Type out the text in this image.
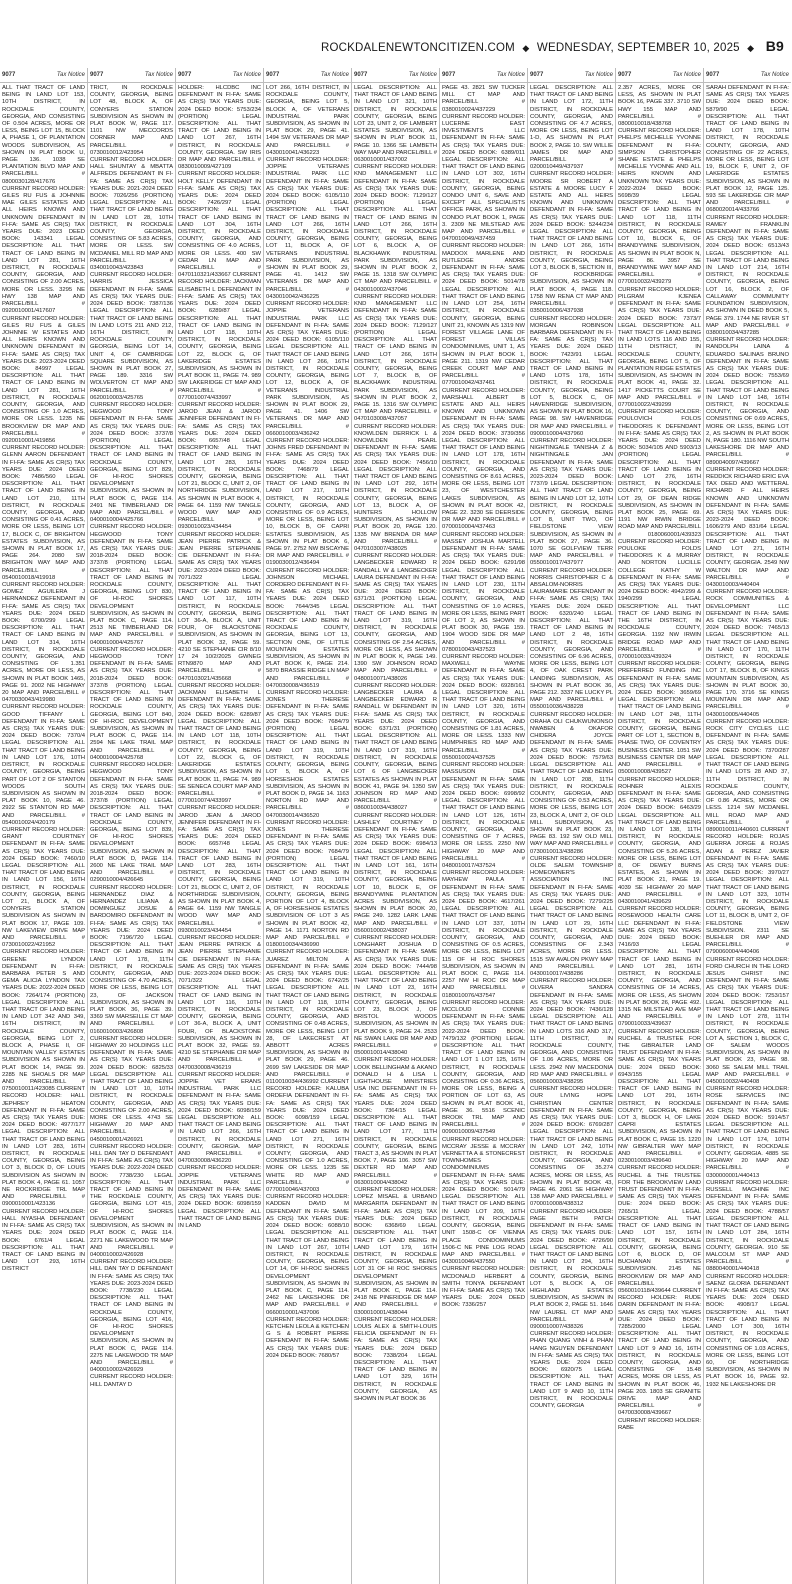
ROCKDALENEWTONCITIZEN.COM ◆ WEDNESDAY, SEPTEMBER 10, 2025 ◆ B9
9077	Tax Notice
ALL THAT TRACT OF LAND BEING IN LAND LOT 153, 10TH DISTRICT, IN ROCKDALE COUNTY, GEORGIA, AND CONSISTING OF 0.504 ACRES, MORE OR LESS, BEING LOT 15, BLOCK A, PHASE 1, OF PLANTATION WOODS SUBDIVISION, AS SHOWN IN PLAT BOOK U, PAGE 136. 1038 SE PLANTATION BLVD MAP AND PARCEL/BILL # 0800030128/417676 CURRENT RECORD HOLDER: GILES RU FUS & JOHNNIE MAE GILES ESTATES AND ALL HEIRS KNOWN AND UNKNOWN DEFENDANT IN FI-FA: SAME AS CR(S) TAX YEARS DUE: 2023 DEED BOOK: 143341 LEGAL DESCRIPTION: ALL THAT TRACT OF LAND BEING IN LAND LOT 281, 16TH DISTRICT, IN ROCKDALE COUNTY, GEORGIA, AND CONSISTING OF 2.00 ACRES, MORE OR LESS. 3295 NE HWY 138 MAP AND PARCEL/BILL # 0920010001/417607 CURRENT RECORD HOLDER: GILES RU FUS & GILES JOHNNIE W ESTATES AND ALL HEIRS KNOWN AND UNKNOWN DEFENDANT IN FI-FA: SAME AS CR(S) TAX YEARS DUE: 2023-2024 DEED BOOK: 84997 LEGAL DESCRIPTION: ALL THAT TRACT OF LAND BEING IN LAND LOT 281, 16TH DISTRICT, IN ROCKDALE COUNTY, GEORGIA, AND CONSISTING OF 1.0 ACRES, MORE OR LESS. 1235 NE BROOKVIEW DR MAP AND PARCEL/BILL # 0920010001/419856 CURRENT RECORD HOLDER: GLENN AARON DEFENDANT IN FI-FA: SAME AS CR(S) TAX YEARS DUE: 2024 DEED BOOK: 7486/560 LEGAL DESCRIPTION: ALL THAT TRACT OF LAND BEING IN LAND LOT 210, 11TH DISTRICT, IN ROCKDALE COUNTY, GEORGIA, AND CONSISTING OF 0.41 ACRES, MORE OR LESS, BEING LOT 17, BLOCK C, OF BRIGHTON ESTATES SUBDIVISION, AS SHOWN IN PLAT BOOK 17, PAGE 264. 2080 SW BRIGHTON WAY MAP AND PARCEL/BILL # 0540010018/419918 CURRENT RECORD HOLDER: GOMEZ AGUILERA J HERNANDEZ DEFENDANT IN FI-FA: SAME AS CR(S) TAX YEARS DUE: 2024 DEED BOOK: 6700/299 LEGAL DESCRIPTION: ALL THAT TRACT OF LAND BEING IN LAND LOT 314, 16TH DISTRICT, IN ROCKDALE COUNTY, GEORGIA, AND CONSISTING OF 1.351 ACRES, MORE OR LESS, AS SHOWN IN PLAT BOOK 1465, PAGE 91. 2002 NE HIGHWAY 20 MAP AND PARCEL/BILL # 0470030043/419980 CURRENT RECORD HOLDER: GOOD TIFFANY L DEFENDANT IN FI-FA: SAME AS CR(S) TAX YEARS DUE: 2024 DEED BOOK: 7370/4 LEGAL DESCRIPTION: ALL THAT TRACT OF LAND BEING IN LAND LOT 176, 10TH DISTRICT, IN ROCKDALE COUNTY, GEORGIA, BEING PART OF LOT 2 OF STANTON WOODS SOUTH SUBDIVISION AS SHOWN IN PLAT BOOK 10, PAGE 46. 2922 SE STANTON RD MAP AND PARCEL/BILL # 0540010024/420179 CURRENT RECORD HOLDER: GRANT COURTNEY DEFENDANT IN FI-FA: SAME AS CR(S) TAX YEARS DUE: 2024 DEED BOOK: 7460/10 LEGAL DESCRIPTION: ALL THAT TRACT OF LAND BEING IN LAND LOT 156, 16TH DISTRICT, IN ROCKDALE COUNTY, GEORGIA, BEING LOT 21, BLOCK A, OF CONYERS STATION SUBDIVISION AS SHOWN IN PLAT BOOK 17, PAGE 109. NW LAKEVIEW DRIVE MAP AND PARCEL/BILL # 0730010022/421952 CURRENT RECORD HOLDER: GREENE LYNDON DEFENDANT IN FI-FA: BARBARA PETER S AND GEMA ALICIA LYNDON TAX YEARS DUE: 2022-2024 DEED BOOK: 7264/174 (PORTION) LEGAL DESCRIPTION: ALL THAT TRACT OF LAND BEING IN LAND LOT 342 AND 349, 16TH DISTRICT, IN ROCKDALE COUNTY, GEORGIA, BEING LOT 2, BLOCK A, PHASE II, OF MOUNTAIN VALLEY ESTATES SUBDIVISION AS SHOWN IN PLAT BOOK 14, PAGE 99. 2285 NE SHOALS DR MAP AND PARCEL/BILL # 0750010011/423085 CURRENT RECORD HOLDER: HALL JEPHREY HEATON DEFENDANT IN FI-FA: SAME AS CR(S) TAX YEARS DUE: 2024 DEED BOOK: 4977/177 LEGAL DESCRIPTION: ALL THAT TRACT OF LAND BEING IN LAND LOT 283, 16TH DISTRICT, IN ROCKDALE COUNTY, GEORGIA, BEING LOT 3, BLOCK D, OF LOUIS SUBDIVISION AS SHOWN IN PLAT BOOK 4, PAGE 61. 1057 NE ROCKRIDGE TRL MAP AND PARCEL/BILL # 0900010001/423136 CURRENT RECORD HOLDER: HALL NYASHA DEFENDANT IN FI-FA: SAME AS CR(S) TAX YEARS DUE: 2024 DEED BOOK: 6761/4 LEGAL DESCRIPTION: ALL THAT TRACT OF LAND BEING IN LAND LOT 293, 16TH DISTRICT
9077	Tax Notice
TRICT, IN ROCKDALE COUNTY, GEORGIA, BEING LOT 48, BLOCK A, OF CONYERS STATION SUBDIVISION AS SHOWN IN PLAT BOOK W, PAGE 117. 1101 NW MECCORDS CORNER MAP AND PARCEL/BILL # 0730010012/423954 CURRENT RECORD HOLDER: HALL SHUNTAY & MBATTA ALFREDS DEFENDANT IN FI-FA: SAME AS CR(S) TAX YEARS DUE: 2021-2024 DEED BOOK: 7026/256 (PORTION) LEGAL DESCRIPTION: ALL THAT TRACT OF LAND BEING IN LAND LOT 28, 10TH DISTRICT, IN ROCKDALE COUNTY, GEORGIA, CONSISTING OF 5.83 ACRES, MORE OR LESS. SW MCDANIEL MILL RD MAP AND PARCEL/BILL # 0340010043/423843 CURRENT RECORD HOLDER: HARRIS JESSICA DEFENDANT IN FI-FA: SAME AS CR(S) TAX YEARS DUE: 2024 DEED BOOK: 7387/136 LEGAL DESCRIPTION: ALL THAT TRACT OF LAND BEING IN LAND LOTS 211 AND 212, 16TH DISTRICT, IN ROCKDALE COUNTY, GEORGIA, BEING LOT 14, UNIT 4, OF CAMBRIDGE SQUARE SUBDIVISION, AS SHOWN IN PLAT BOOK 27, PAGE 189. 3316 SW WOLVERTON CT MAP AND PARCEL/BILL # 0620010003/425765 CURRENT RECORD HOLDER: HEGWOOD TONY DEFENDANT IN FI-FA: SAME AS CR(S) TAX YEARS DUE: 2024 DEED BOOK: 3737/8 (PORTION) LEGAL DESCRIPTION: ALL THAT TRACT OF LAND BEING IN ROCKDALE COUNTY, GEORGIA, BEING LOT 829, OF HI-ROC SHORES DEVELOPMENT SUBDIVISION, AS SHOWN IN PLAT BOOK C, PAGE 114. 2491 NE TIMBERLAND DR MAP AND PARCEL/BILL # 0400010004/425766 CURRENT RECORD HOLDER: HEGWOOD TONY DEFENDANT IN FI-FA: SAME AS CR(S) TAX YEARS DUE: 2018-2024 DEED BOOK: 3737/8 (PORTION) LEGAL DESCRIPTION: ALL THAT TRACT OF LAND BEING IN ROCKDALE COUNTY, GEORGIA, BEING LOT 830, OF HI-ROC SHORES DEVELOPMENT SUBDIVISION, AS SHOWN IN PLAT BOOK C, PAGE 114. 2513 NE TIMBERLAND DR MAP AND PARCEL/BILL # 0400010004/425767 CURRENT RECORD HOLDER: HEGWOOD TONY DEFENDANT IN FI-FA: SAME AS CR(S) TAX YEARS DUE: 2018-2024 DEED BOOK: 3737/8 (PORTION) LEGAL DESCRIPTION: ALL THAT TRACT OF LAND BEING IN ROCKDALE COUNTY, GEORGIA, BEING LOT 840, OF HI-ROC DEVELOPMENT SUBDIVISION, AS SHOWN IN PLAT BOOK C, PAGE 114. 2594 NE LAKE TRAIL MAP AND PARCEL/BILL # 0400010004/425768 CURRENT RECORD HOLDER: HEGWOOD TONY DEFENDANT IN FI-FA: SAME AS CR(S) TAX YEARS DUE: 2018-2024 DEED BOOK: 3737/8 (PORTION) LEGAL DESCRIPTION: ALL THAT TRACT OF LAND BEING IN ROCKDALE COUNTY, GEORGIA, BEING LOT 839, OF HI-ROC SHORES DEVELOPMENT SUBDIVISION, AS SHOWN IN PLAT BOOK D, PAGE 114. 2600 NE LAKE TRAIL MAP AND PARCEL/BILL # 0290010004/426645 CURRENT RECORD HOLDER: HERNANDEZ DIAZ & HERNANDEZ LILIANA & DOMINGUEZ JOSUE & BARDOMIRO DEFENDANT IN FI-FA: SAME AS CR(S) TAX YEARS DUE: 2024 DEED BOOK: 7196/720 LEGAL DESCRIPTION: ALL THAT TRACT OF LAND BEING IN LAND LOT 178, 11TH DISTRICT, IN ROCKDALE COUNTY, GEORGIA, AND CONSISTING OF 4.70 ACRES, MORE OR LESS, BEING LOT 23, OF JACKSON SUBDIVISION, AS SHOWN IN PLAT BOOK 36, PAGE 39. 3369 SW MARSEILLE CT MAP AND PARCEL/BILL # 0160010003/426808 CURRENT RECORD HOLDER: HIGHWAY 20 HOLDINGS LLC DEFENDANT IN FI-FA: SAME AS CR(S) TAX YEARS DUE: 2024 DEED BOOK: 6825/33 LEGAL DESCRIPTION: ALL THAT TRACT OF LAND BEING IN LAND LOT 10, 10TH DISTRICT, IN ROCKDALE COUNTY, GEORGIA, AND CONSISTING OF 2.00 ACRES, MORE OR LESS. 4743 SE HIGHWAY 20 MAP AND PARCEL/BILL # 0450010001/426921 CURRENT RECORD HOLDER: HILL DAN TAY D DEFENDANT IN FI-FA: SAME AS CR(S) TAX YEARS DUE: 2022-2024 DEED BOOK: 7738/230 LEGAL DESCRIPTION: ALL THAT TRACT OF LAND BEING IN THE ROCKDALE COUNTY, GEORGIA, BEING LOT 415, OF HI-ROC SHORES DEVELOPMENT SUBDIVISION, AS SHOWN IN PLAT BOOK C, PAGE 114. 2271 NE LAKEWOOD TR MAP AND PARCEL/BILL # 0400010002/426928 CURRENT RECORD HOLDER: HILL DAN TAY D DEFENDANT IN FI-FA: SAME AS CR(S) TAX YEARS DUE: 2023-2024 DEED BOOK: 7738/230 LEGAL DESCRIPTION: ALL THAT TRACT OF LAND BEING IN ROCKDALE COUNTY, GEORGIA, BEING LOT 416, OF HI-ROC SHORES DEVELOPMENT SUBDIVISION, AS SHOWN IN PLAT BOOK C, PAGE 114. 2275 NE LAKEWOOD TR MAP AND PARCEL/BILL # 0400010002/426929 CURRENT RECORD HOLDER: HILL DANTAY D
9077	Tax Notice
HOLDER: HLCDBC INC DEFENDANT IN FI-FA: SAME AS CR(S) TAX YEARS DUE: 2024 DEED BOOK: 5753/234 (PORTION) LEGAL DESCRIPTION: ALL THAT TRACT OF LAND BEING IN LAND LOT 267, 16TH DISTRICT, IN ROCKDALE COUNTY, GEORGIA. SW IRIS DR MAP AND PARCEL/BILL # 0830010009/427109 CURRENT RECORD HOLDER: HOLT KELLY DEFENDANT IN FI-FA: SAME AS CR(S) TAX YEARS DUE: 2024 DEED BOOK: 7426/297 LEGAL DESCRIPTION: ALL THAT TRACT OF LAND BEING IN LAND LOT 304, 16TH DISTRICT, IN ROCKDALE COUNTY, GEORGIA, AND CONSISTING OF 4.0 ACRES, MORE OR LESS. 400 SW CEDAR LN MAP AND PARCEL/BILL # 0470110321/433667 CURRENT RECORD HOLDER: JACKMAN ELISABETH L DEFENDANT IN FI-FA: SAME AS CR(S) TAX YEARS DUE: 2024 DEED BOOK: 6289/87 LEGAL DESCRIPTION: ALL THAT TRACT OF LAND BEING IN LAND LOT 118, 10TH DISTRICT, IN ROCKDALE COUNTY, GEORGIA, BEING LOT 22, BLOCK G, OF LAKERIDGE ESTATES SUBDIVISION, AS SHOWN IN PLAT BOOK 11, PAGE 74. 989 SW LAKERIDGE CT MAP AND PARCEL/BILL # 0770010074/433997 CURRENT RECORD HOLDER: JAROD JEAN & JAROD JENNIFER DEFENDANT IN FI-FA: SAME AS CR(S) TAX YEARS DUE: 2024 DEED BOOK: 6657/48 LEGAL DESCRIPTION: ALL THAT TRACT OF LAND BEING IN LAND LOT 283, 16TH DISTRICT, IN ROCKDALE COUNTY, GEORGIA, BEING LOT 21, BLOCK C, UNIT 2, OF NORTHRIDGE SUBDIVISION, AS SHOWN IN PLAT BOOK 4, PAGE 64. 1159 NW TANGLE WOOD WAY MAP AND PARCEL/BILL # 0930010023/434454 CURRENT RECORD HOLDER: JEAN PIERRE PATRICK & JEAN PIERRE STEPHANIE CIE DEFENDANT IN FI-FA: SAME AS CR(S) TAX YEARS DUE: 2023-2024 DEED BOOK: 7071/322 LEGAL DESCRIPTION: ALL THAT TRACT OF LAND BEING IN LAND LOT 117, 10TH DISTRICT, IN ROCKDALE COUNTY, GEORGIA, BEING LOT 36-A, BLOCK A, UNIT FOUR, OF BLACKSTONE SUBDIVISION, AS SHOWN IN PLAT BOOK 32, PAGE 59. 4210 SE STEPHANIE CIR 8/10 17 24 10/2/2025 GWNEG RTN9870 MAP AND PARCEL/BILL # 0470103021/435668 CURRENT RECORD HOLDER: JACKMAN ELISABETH L DEFENDANT IN FI-FA: SAME AS CR(S) TAX YEARS DUE: 2024 DEED BOOK: 6289/87 LEGAL DESCRIPTION: ALL THAT TRACT OF LAND BEING IN LAND LOT 118, 10TH DISTRICT, IN ROCKDALE COUNTY, GEORGIA, BEING LOT 22, BLOCK G, OF LAKERIDGE ESTATES SUBDIVISION, AS SHOWN IN PLAT BOOK 11, PAGE 74. 989 SE SENECA COURT MAP AND PARCEL/BILL # 0770010074/433997 CURRENT RECORD HOLDER: JAROD JEAN & JAROD JENNIFER DEFENDANT IN FI-FA: SAME AS CR(S) TAX YEARS DUE: 2024 DEED BOOK: 6657/48 LEGAL DESCRIPTION: ALL THAT TRACT OF LAND BEING IN LAND LOT 283, 16TH DISTRICT, IN ROCKDALE COUNTY, GEORGIA, BEING LOT 21, BLOCK C, UNIT 2, OF NORTHRIDGE SUBDIVISION, AS SHOWN IN PLAT BOOK 4, PAGE 64. 1159 NW TANGLE WOOD WAY MAP AND PARCEL/BILL # 0930010023/434454 CURRENT RECORD HOLDER: JEAN PIERRE PATRICK & JEAN PIERRE STEPHANIE CIE DEFENDANT IN FI-FA: SAME AS CR(S) TAX YEARS DUE: 2023-2024 DEED BOOK: 7071/322 LEGAL DESCRIPTION: ALL THAT TRACT OF LAND BEING IN LAND LOT 116, 10TH DISTRICT, IN ROCKDALE COUNTY, GEORGIA, BEING LOT 36-A, BLOCK A, UNIT FOUR, OF BLACKSTONE SUBDIVISION, AS SHOWN IN PLAT BOOK 32, PAGE 59. 4210 SE STEPHANIE CIR MAP AND PARCEL/BILL # 0470030008/436219 CURRENT RECORD HOLDER: JOPPIE VET ERANS INDUSTRIAL PARK LLC DEFENDANT IN FI-FA: SAME AS CR(S) TAX YEARS DUE: 2024 DEED BOOK: 6098/159 LEGAL DESCRIPTION: ALL THAT TRACT OF LAND BEING IN LAND LOT 266, 16TH DISTRICT, IN ROCKDALE COUNTY, GEORGIA. MAP AND PARCEL/BILL # 0470030008/436220 CURRENT RECORD HOLDER: JOPPIE VETERANS INDUSTRIAL PARK LLC DEFENDANT IN FI-FA: SAME AS CR(S) TAX YEARS DUE: 2024 DEED BOOK: 6098/159 LEGAL DESCRIPTION: ALL THAT TRACT OF LAND BEING IN LAND
9077	Tax Notice
LOT 266, 16TH DISTRICT, IN ROCKDALE COUNTY, GEORGIA, BEING LOT 5, BLOCK A, OF VETERANS INDUSTRIAL PARK SUBDIVISION, AS SHOWN IN PLAT BOOK 29, PAGE 41. 1494 SW VETERANS DR MAP AND PARCEL/BILL # 0430010041/436223 CURRENT RECORD HOLDER: JOPPIE VETERANS INDUSTRIAL PARK LLC DEFENDANT IN FI-FA: SAME AS CR(S) TAX YEARS DUE: 2024 DEED BOOK: 6105/110 (PORTION) LEGAL DESCRIPTION: ALL THAT TRACT OF LAND BEING IN LAND LOT 266, 16TH DISTRICT, IN ROCKDALE COUNTY, GEORGIA, BEING LOT 11, BLOCK A, OF VETERANS INDUSTRIAL PARK SUBDIVISION, AS SHOWN IN PLAT BOOK 29, PAGE 41. 1412 SW VETERANS DR MAP AND PARCEL/BILL # 0430010042/436225 CURRENT RECORD HOLDER: JOPPIE VETERANS INDUSTRIAL PARK LLC DEFENDANT IN FI-FA: SAME AS CR(S) TAX YEARS DUE: 2024 DEED BOOK: 6105/110 LEGAL DESCRIPTION: ALL THAT TRACT OF LAND BEING IN LAND LOT 266, 16TH DISTRICT, IN ROCKDALE COUNTY, GEORGIA, BEING LOT 12, BLOCK A, OF VETERANS INDUSTRIAL PARK SUBDIVISION, AS SHOWN IN PLAT BOOK 29, PAGE 41. 1406 SW VETERANS DR MAP AND PARCEL/BILL # 0660010003/436242 CURRENT RECORD HOLDER: JOHNS FRED DEFENDANT IN FI-FA: SAME AS CR(S) TAX YEARS DUE: 2024 DEED BOOK: 7468/79 LEGAL DESCRIPTION: ALL THAT TRACT OF LAND BEING IN LAND LOT 217, 10TH DISTRICT, IN ROCKDALE COUNTY, GEORGIA, AND CONSISTING OF 0.9 ACRES, MORE OR LESS, BEING LOT 10, BLOCK B, OF CAPRI ESTATES SUBDIVISION, AS SHOWN IN PLAT BOOK 6, PAGE 97. 2752 NW BISCAYNE DR MAP AND PARCEL/BILL # 0190030012/436494 CURRENT RECORD HOLDER: JOHNSON MICHAEL CORDERO DEFENDANT IN FI-FA: SAME AS CR(S) TAX YEARS DUE: 2024 DEED BOOK: 7644/345 LEGAL DESCRIPTION: ALL THAT TRACT OF LAND BEING IN ROCKDALE COUNTY, GEORGIA, BEING LOT 13, SECTION ONE, OF LITTLE MOUNTAIN ESTATES SUBDIVISION, AS SHOWN IN PLAT BOOK K, PAGE 214. 5870 BRASSIE RIDGE LN MAP AND PARCEL/BILL # 0470030008/436519 CURRENT RECORD HOLDER: JONES THERESE DEFENDANT IN FI-FA: SAME AS CR(S) TAX YEARS DUE: 2024 DEED BOOK: 7684/79 (PORTION) LEGAL DESCRIPTION: ALL THAT TRACT OF LAND BEING IN LAND LOT 319, 10TH DISTRICT, IN ROCKDALE COUNTY, GEORGIA, BEING LOT 5, BLOCK A, OF HORSESHOE ESTATES SUBDIVISION, AS SHOWN IN PLAT BOOK D, PAGE 14. 1163 NORTON RD MAP AND PARCEL/BILL # 0470030014/436520 CURRENT RECORD HOLDER: JONES THERESE DEFENDANT IN FI-FA: SAME AS CR(S) TAX YEARS DUE: 2024 DEED BOOK: 7684/79 (PORTION) LEGAL DESCRIPTION: ALL THAT TRACT OF LAND BEING IN LAND LOT 319, 10TH DISTRICT, IN ROCKDALE COUNTY, GEORGIA, BEING PORTION OF LOT 4, BLOCK A, OF HORSESHOE ESTATES SUBDIVISION OF LOT 3 AS SHOWN IN PLAT BOOK 42, PAGE 14. 1171 NORTON RD MAP AND PARCEL/BILL # 0180010034/436990 CURRENT RECORD HOLDER: JUAREZ MILTON A DEFENDANT IN FI-FA: SAME AS CR(S) TAX YEARS DUE: 2024 DEED BOOK: 6742/25 LEGAL DESCRIPTION: ALL THAT TRACT OF LAND BEING IN LAND LOT 118, 10TH DISTRICT, IN ROCKDALE COUNTY, GEORGIA, AND CONSISTING OF 0.48 ACRES, MORE OR LESS, BEING LOT 28, OF LAKECREST AT ABBOTT ACRES SUBDIVISION, AS SHOWN IN PLAT BOOK 29, PAGE 46. 2699 SW LAKESIDE DR MAP AND PARCEL/BILL # 0110010034/436992 CURRENT RECORD HOLDER: KALUBA ORDEFIA DEFENDANT IN FI-FA: SAME AS CR(S) TAX YEARS DUE: 2024 DEED BOOK: 6098/159 LEGAL DESCRIPTION: ALL THAT TRACT OF LAND BEING IN LAND LOT 271, 16TH DISTRICT, IN ROCKDALE COUNTY, GEORGIA, AND CONSISTING OF 1.0 ACRES, MORE OR LESS. 1235 SE WHITE RD MAP AND PARCEL/BILL # 0770010046/437003 CURRENT RECORD HOLDER: KADDEN DAVID M DEFENDANT IN FI-FA: SAME AS CR(S) TAX YEARS DUE: 2024 DEED BOOK: 6088/10 LEGAL DESCRIPTION: ALL THAT TRACT OF LAND BEING IN LAND LOT 267, 10TH DISTRICT, IN ROCKDALE COUNTY, GEORGIA, BEING LOT 14, OF HI-ROC SHORES DEVELOPMENT SUBDIVISION, AS SHOWN IN PLAT BOOK C, PAGE 114. 2462 NE LAKESHORE DR MAP AND PARCEL/BILL # 0660010001/437006 CURRENT RECORD HOLDER: KETCHEN LEOLA & KETCHEN G S & ROBERT PIERRE DEFENDANT IN FI-FA: SAME AS CR(S) TAX YEARS DUE: 2024 DEED BOOK: 7680/57
9077	Tax Notice
LEGAL DESCRIPTION: ALL THAT TRACT OF LAND BEING IN LAND LOT 321, 10TH DISTRICT, IN ROCKDALE COUNTY, GEORGIA, BEING LOT 23, UNIT 2, OF LAMBERT ESTATES SUBDIVISION, AS SHOWN IN PLAT BOOK 11, PAGE 10. 1366 SE LAMBETH WAY MAP AND PARCEL/BILL # 0630010001/437002 CURRENT RECORD HOLDER: KND MANAGEMENT LLC DEFENDANT IN FI-FA: SAME AS CR(S) TAX YEARS DUE: 2024 DEED BOOK: 7129/127 (PORTION) LEGAL DESCRIPTION: ALL THAT TRACT OF LAND BEING IN LAND LOT 266, 16TH DISTRICT, IN ROCKDALE COUNTY, GEORGIA, BEING LOT 6, BLOCK A, OF BLACKHAWK INDUSTRIAL PARK SUBDIVISION, AS SHOWN IN PLAT BOOK 2, PAGE 15. 1318 SW OLYMPIC CT MAP AND PARCEL/BILL # 0430010002/437046 CURRENT RECORD HOLDER: KND MANAGEMENT LLC DEFENDANT IN FI-FA: SAME AS CR(S) TAX YEARS DUE: 2024 DEED BOOK: 7129/127 (PORTION) LEGAL DESCRIPTION: ALL THAT TRACT OF LAND BEING IN LAND LOT 266, 16TH DISTRICT, IN ROCKDALE COUNTY, GEORGIA, BEING LOT 7, BLOCK B, OF BLACKHAWK INDUSTRIAL PARK SUBDIVISION, AS SHOWN IN PLAT BOOK 2, PAGE 15. 1316 SW OLYMPIC CT MAP AND PARCEL/BILL # 0470103008/437057 CURRENT RECORD HOLDER: KNOWLDEN DERRICK L & KNOWLDEN PEARL DEFENDANT IN FI-FA: SAME AS CR(S) TAX YEARS DUE: 2024 DEED BOOK: 7456/10 LEGAL DESCRIPTION: ALL THAT TRACT OF LAND BEING IN LAND LOT 292, 16TH DISTRICT, IN ROCKDALE COUNTY, GEORGIA, BEING LOT 13, BLOCK A, OF HUNTERS HOLLOW SUBDIVISION, AS SHOWN IN PLAT BOOK 20, PAGE 120. 1335 NW BRENDA DR MAP AND PARCEL/BILL # 0470103007/438025 CURRENT RECORD HOLDER: LANGBECKER EDWARD R RANDALL W & LANGBECKER LAURA DEFENDANT IN FI-FA: SAME AS CR(S) TAX YEARS DUE: 2024 DEED BOOK: 6371/31 (PORTION) LEGAL DESCRIPTION: ALL THAT TRACT OF LAND BEING IN LAND LOT 319, 16TH DISTRICT, IN ROCKDALE COUNTY, GEORGIA, AND CONSISTING OF 2.54 ACRES, MORE OR LESS, AS SHOWN IN PLAT BOOK K, PAGE 149. 1390 SW JOHNSON ROAD MAP AND PARCEL/BILL # 0480010071/438026 CURRENT RECORD HOLDER: LANGBECKER LAURA & LANGBECKER EDWARD R RANDALL W DEFENDANT IN FI-FA: SAME AS CR(S) TAX YEARS DUE: 2024 DEED BOOK: 6371/31 (PORTION) LEGAL DESCRIPTION: ALL THAT TRACT OF LAND BEING IN LAND LOT 319, 16TH DISTRICT, IN ROCKDALE COUNTY, GEORGIA, BEING LOT 6 OF LANGBECKER ESTATES AS SHOWN IN PLAT BOOK 41, PAGE 94. 1350 SW JOHNSON RD MAP AND PARCEL/BILL # 0860010034/438027 CURRENT RECORD HOLDER: LASHLEY COURTNEY D DEFENDANT IN FI-FA: SAME AS CR(S) TAX YEARS DUE: 2024 DEED BOOK: 6984/13 LEGAL DESCRIPTION: ALL THAT TRACT OF LAND BEING IN LAND LOT 161, 16TH DISTRICT, IN ROCKDALE COUNTY, GEORGIA, BEING LOT 10, BLOCK E, OF BRANDYWINE PLANTATION ACRES SUBDIVISION, AS SHOWN IN PLAT BOOK 20, PAGE 249. 1282 LARK LANE MAP AND PARCEL/BILL # 0560010002/438037 CURRENT RECORD HOLDER: LONGHART JOSHUA D DEFENDANT IN FI-FA: SAME AS CR(S) TAX YEARS DUE: 2024 DEED BOOK: 7444/98 LEGAL DESCRIPTION: ALL THAT TRACT OF LAND BEING IN LAND LOT 23, 16TH DISTRICT, IN ROCKDALE COUNTY, GEORGIA, BEING LOT 23, BLOCK J, OF BRISTOL WOODS SUBDIVISION, AS SHOWN IN PLAT BOOK 9, PAGE 24. 2533 NE SWAN LAKE DR MAP AND PARCEL/BILL # 0500010014/438040 CURRENT RECORD HOLDER: LOOK BELLINGHAM & AKANO DONALD H & LISA L LIGHTHOUSE MINISTRIES USA INC DEFENDANT IN FI-FA: SAME AS CR(S) TAX YEARS DUE: 2024 DEED BOOK: 7364/15 LEGAL DESCRIPTION: ALL THAT TRACT OF LAND BEING IN LAND LOT 177, 11TH DISTRICT, IN ROCKDALE COUNTY, GEORGIA, BEING TRACT 3, AS SHOWN IN PLAT BOOK 7, PAGE 106. 3057 SW DEXTER RD MAP AND PARCEL/BILL # 0630010004/438042 CURRENT RECORD HOLDER: LOPEZ MISAEL & URBANO MARGARITA DEFENDANT IN FI-FA: SAME AS CR(S) TAX YEARS DUE: 2024 DEED BOOK: 6368/69 LEGAL DESCRIPTION: ALL THAT TRACT OF LAND BEING IN LAND LOT 179, 16TH DISTRICT, IN ROCKDALE COUNTY, GEORGIA, BEING LOT 31 OF HI ROC SHORES DEVELOPMENT SUBDIVISION, AS SHOWN IN PLAT BOOK C, PAGE 114. 2418 NE PINERIDGE DR MAP AND PARCEL/BILL # 0300010001/438044 CURRENT RECORD HOLDER: LOUIS ALEX & SMITH-LOUIS FELICIA DEFENDANT IN FI-FA: SAME AS CR(S) TAX YEARS DUE: 2024 DEED BOOK: 7338/204 LEGAL DESCRIPTION: ALL THAT TRACT OF LAND BEING IN LAND LOT 329, 16TH DISTRICT, IN ROCKDALE COUNTY, GEORGIA, AS SHOWN IN PLAT BOOK 36
9077	Tax Notice
PAGE 43. 2821 SW TUCKER MILL CT MAP AND PARCEL/BILL # 0380010024/437229 CURRENT RECORD HOLDER: LUCERNE EAST INVESTMENTS LLC DEFENDANT IN FI-FA: SAME AS CR(S) TAX YEARS DUE: 2024 DEED BOOK: 6389/011 LEGAL DESCRIPTION: ALL THAT TRACT OF LAND BEING IN LAND LOT 302, 16TH DISTRICT, IN ROCKDALE COUNTY, GEORGIA, BEING CONDO UNIT 6, SAVE AND EXCEPT ALL SPECIALISTS OFFICE PARK, AS SHOWN IN CONDO PLAT BOOK 1, PAGE 3. 2309 NE MILSTEAD AVE MAP AND PARCEL/BILL # 0470010049/437459 CURRENT RECORD HOLDER: MADDOX MARLENE AND RUTLEDGE ANDRE DEFENDANT IN FI-FA: SAME AS CR(S) TAX YEARS DUE: 2024 DEED BOOK: 5014/78 LEGAL DESCRIPTION: ALL THAT TRACT OF LAND BEING IN LAND LOT 254, 16TH DISTRICT, IN ROCKDALE COUNTY, GEORGIA, BEING UNIT 21, KNOWN AS 1319 NW FOREST VILLAGE LANE OF FOREST VILLAS CONDOMINIUMS, UNIT 1, AS SHOWN IN PLAT BOOK 1, PAGE 211. 1319 NW CEDAR CREEK COURT MAP AND PARCEL/BILL # 0770010042/437461 CURRENT RECORD HOLDER: MARSHALL ALBERT B ESTATE AND ALL HEIRS KNOWN AND UNKNOWN DEFENDANT IN FI-FA: SAME AS CR(S) TAX YEARS DUE: 2024 DEED BOOK: 3739/356 LEGAL DESCRIPTION: ALL THAT TRACT OF LAND BEING IN LAND LOT 178, 16TH DISTRICT, IN ROCKDALE COUNTY, GEORGIA, AND CONSISTING OF 8.61 ACRES, MORE OR LESS, BEING LOT 23, OF WESTCHESTER LAKES SUBDIVISION, AS SHOWN IN PLAT BOOK 42, PAGE 22. 3230 SE DEERSIDE DR MAP AND PARCEL/BILL # 0700010004/437463 CURRENT RECORD HOLDER: MASSEY JOSHUA MARTELL DEFENDANT IN FI-FA: SAME AS CR(S) TAX YEARS DUE: 2024 DEED BOOK: 6291/98 LEGAL DESCRIPTION: ALL THAT TRACT OF LAND BEING IN LAND LOT 230, 11TH DISTRICT, IN ROCKDALE COUNTY, GEORGIA, AND CONSISTING OF 1.0 ACRES, MORE OR LESS, BEING PART OF LOT 2, AS SHOWN IN PLAT BOOK 30, PAGE 159. 1904 WOOD SIDE DR MAP AND PARCEL/BILL # 0780010043/437523 CURRENT RECORD HOLDER: MAXWELL WAYNE DEFENDANT IN FI-FA: SAME AS CR(S) TAX YEARS DUE: 2024 DEED BOOK: 6928/161 LEGAL DESCRIPTION: ALL THAT TRACT OF LAND BEING IN LAND LOT 320, 16TH DISTRICT, IN ROCKDALE COUNTY, GEORGIA, AND CONSISTING OF 1.81 ACRES, MORE OR LESS. 1333 NW HUMPHRIES RD MAP AND PARCEL/BILL # 0550010024/437525 CURRENT RECORD HOLDER: MASSUSON DEA DEFENDANT IN FI-FA: SAME AS CR(S) TAX YEARS DUE: 2024 DEED BOOK: 6998/92 LEGAL DESCRIPTION: ALL THAT TRACT OF LAND BEING IN LAND LOT 126, 16TH DISTRICT, IN ROCKDALE COUNTY, GEORGIA, AND CONSISTING OF 7 ACRES, MORE OR LESS. 2250 NW HIGHWAY 20 MAP AND PARCEL/BILL # 0480010017/437524 CURRENT RECORD HOLDER: MAYHEW PAULA T DEFENDANT IN FI-FA: SAME AS CR(S) TAX YEARS DUE: 2024 DEED BOOK: 4617/261 LEGAL DESCRIPTION: ALL THAT TRACT OF LAND BEING IN LAND LOT 337, 10TH DISTRICT, IN ROCKDALE COUNTY, GEORGIA, AND CONSISTING OF 0.5 ACRES, MORE OR LESS, BEING LOT 115 OF HI ROC SHORES SUBDIVISION, AS SHOWN IN PLAT BOOK C, PAGE 114. 2257 NW HI ROC DR MAP AND PARCEL/BILL # 0180010076/437547 CURRENT RECORD HOLDER: MCCLOUD CONNIE DEFENDANT IN FI-FA: SAME AS CR(S) TAX YEARS DUE: 2022-2024 DEED BOOK: 7479/132 (PORTION) LEGAL DESCRIPTION: ALL THAT TRACT OF LAND BEING IN LAND LOT 1 LOT 125, 16TH DISTRICT, IN ROCKDALE COUNTY, GEORGIA, AND CONSISTING OF 0.36 ACRES, MORE OR LESS, BEING A PORTION OF LOT 63, AS SHOWN IN PLAT BOOK 41, PAGE 36. 5516 SCENIC BROOK TRL MAP AND PARCEL/BILL # 0090010009/437549 CURRENT RECORD HOLDER: MCCRAY JESSE & MCCRAY VERNETTA A & STONECREST TOWNHOMES CONDOMINIUMS DEFENDANT IN FI-FA: SAME AS CR(S) TAX YEARS DUE: 2024 DEED BOOK: 5014/79 LEGAL DESCRIPTION: ALL THAT TRACT OF LAND BEING IN LAND LOT 209, 16TH DISTRICT, IN ROCKDALE COUNTY, GEORGIA, BEING UNIT 1508-C OF VIENNA PLACE CONDOMINIUMS 1506-C NE PINE LOG ROAD MAP AND PARCEL/BILL # 0430010046/437550 CURRENT RECORD HOLDER: MCDONALD HERBERT & SMITH TONYA DEFENDANT IN FI-FA: SAME AS CR(S) TAX YEARS DUE: 2024 DEED BOOK: 7336/257
9077	Tax Notice
LEGAL DESCRIPTION: ALL THAT TRACT OF LAND BEING IN LAND LOT 172, 11TH DISTRICT, IN ROCKDALE COUNTY, GEORGIA, AND CONSISTING OF 4.7 ACRES, MORE OR LESS, BEING LOT 1-D, AS SHOWN IN PLAT BOOK 2, PAGE 10. SW WILLIE JAMES DR MAP AND PARCEL/BILL # 0200010449/437937 CURRENT RECORD HOLDER: MOORE SR ROBERT A ESTATE & MOORE LUCY F ESTATE AND ALL HEIRS KNOWN AND UNKNOWN DEFENDANT IN FI-FA: SAME AS CR(S) TAX YEARS DUE: 2024 DEED BOOK: 5244/234 LEGAL DESCRIPTION: ALL THAT TRACT OF LAND BEING IN LAND LOT 266, 16TH DISTRICT, IN ROCKDALE COUNTY, GEORGIA, BEING LOT 3, BLOCK B, SECTION III, OF ROCKBRIDGE SUBDIVISION, AS SHOWN IN PLAT BOOK 4, PAGE 118. 1758 NW RENA CT MAP AND PARCEL/BILL # 0350010006/437938 CURRENT RECORD HOLDER: MORGAN ROBINSON BARBARA DEFENDANT IN FI-FA: SAME AS CR(S) TAX YEARS DUE: 2024 DEED BOOK: 7423/91 LEGAL DESCRIPTION: ALL THAT TRACT OF LAND BEING IN LAND LOTS 178, 16TH DISTRICT, IN ROCKDALE COUNTY, GEORGIA, BEING LOT 5, BLOCK C, OF HAVENRIDGE SUBDIVISION, AS SHOWN IN PLAT BOOK 16, PAGE 98. SW HAVENRIDGE DR MAP AND PARCEL/BILL # 0900010004/437960 CURRENT RECORD HOLDER: NIGHTINGALE TANISHA Z & NIGHTINGALE JAN DEFENDANT IN FI-FA: SAME AS CR(S) TAX YEARS DUE: 2023-2024 DEED BOOK: 7737/9 LEGAL DESCRIPTION: ALL THAT TRACT OF LAND BEING IN LAND LOT 12, 10TH DISTRICT, IN ROCKDALE COUNTY, GEORGIA, BEING LOT 8, UNIT TWO, OF FIELDSTONE VIEW SUBDIVISION, AS SHOWN IN PLAT BOOK 27, PAGE 36. 1070 SE GOLFVIEW TERR MAP AND PARCEL/BILL # 0550010017/437977 CURRENT RECORD HOLDER: NORRIS CHRISTOPHER C & ABSALOM-NORRIS LAURAMARIE DEFENDANT IN FI-FA: SAME AS CR(S) TAX YEARS DUE: 2024 DEED BOOK: 6320/240 LEGAL DESCRIPTION: ALL THAT TRACT OF LAND BEING IN LAND LOT 2 48, 16TH DISTRICT, IN ROCKDALE COUNTY, GEORGIA, AND CONSISTING OF 6.96 ACRES, MORE OR LESS, BEING LOT 4, OF OAK CREST PARK LANDING SUBDIVISION, AS SHOWN IN PLAT BOOK 36, PAGE 212. 3337 NE LUCKY PL MAP AND PARCEL/BILL # 0550010036/438228 CURRENT RECORD HOLDER: ORAHA OLI CHUKWUNONSO NWABEN & OKAFOR CHIDERA JOYCE DEFENDANT IN FI-FA: SAME AS CR(S) TAX YEARS DUE: 2024 DEED BOOK: 7579/63 LEGAL DESCRIPTION: ALL THAT TRACT OF LAND BEING IN LAND LOT 208, 11TH DISTRICT, IN ROCKDALE COUNTY, GEORGIA, AND CONSISTING OF 0.53 ACRES, MORE OR LESS, BEING LOT 23, BLOCK A, UNIT 2, OF OLD MILL SUBDIVISION, AS SHOWN IN PLAT BOOK 23, PAGE 83. 192 SW OLD MILL WAY MAP AND PARCEL/BILL # 0730010013/438286 CURRENT RECORD HOLDER: OLDE SALEM TOWNSHIP HOMEOWNER'S ASSOCIATION INC DEFENDANT IN FI-FA: SAME AS CR(S) TAX YEARS DUE: 2024 DEED BOOK: 7279/225 LEGAL DESCRIPTION: ALL THAT TRACT OF LAND BEING IN LAND LOT 29, 16TH DISTRICT, IN ROCKDALE COUNTY, GEORGIA, AND CONSISTING OF 2.343 ACRES, MORE OR LESS. 1515 SW AVALON PKWY MAP AND PARCEL/BILL # 0430010017/438286 CURRENT RECORD HOLDER: OLVERA SANDRA DEFENDANT IN FI-FA: SAME AS CR(S) TAX YEARS DUE: 2024 DEED BOOK: 7436/128 LEGAL DESCRIPTION: ALL THAT TRACT OF LAND BEING IN LAND LOTS 316 AND 317, 11TH DISTRICT, IN ROCKDALE COUNTY, GEORGIA, AND CONSISTING OF 1.06 ACRES, MORE OR LESS. 2942 NW MACEDONIA RD MAP AND PARCEL/BILL # 0560010003/438295 CURRENT RECORD HOLDER: OUR LIVING HOPE CHRISTIAN CENTER DEFENDANT IN FI-FA: SAME AS CR(S) TAX YEARS DUE: 2024 DEED BOOK: 6769/287 LEGAL DESCRIPTION: ALL THAT TRACT OF LAND BEING IN LAND LOT 242, 10TH DISTRICT, IN ROCKDALE COUNTY, GEORGIA, AND CONSISTING OF 35.274 ACRES, MORE OR LESS, AS SHOWN IN PLAT BOOK 43, PAGE 46. 2061 SE HIGHWAY 138 MAP AND PARCEL/BILL # 0700010008/438312 CURRENT RECORD HOLDER: PAGE BETH PATCH DEFENDANT IN FI-FA: SAME AS CR(S) TAX YEARS DUE: 2024 DEED BOOK: 4726/90 LEGAL DESCRIPTION: ALL THAT TRACT OF LAND BEING IN LAND LOT 294, 16TH DISTRICT, IN ROCKDALE COUNTY, GEORGIA, BEING LOT 5, BLOCK A, OF HIGHLAND ESTATES SUBDIVISION, AS SHOWN IN PLAT BOOK 2, PAGE 51. 1646 NW LAUREL CT MAP AND PARCEL/BILL # 0900010007/438326 CURRENT RECORD HOLDER: PHAN QUANG VINH & PHAN HANG NGUYEN DEFENDANT IN FI-FA: SAME AS CR(S) TAX YEARS DUE: 2024 DEED BOOK: 6920/75 LEGAL DESCRIPTION: ALL THAT TRACT OF LAND BEING IN LAND LOT 9 AND 10, 11TH DISTRICT, IN ROCKDALE COUNTY, GEORGIA
9077	Tax Notice
2.357 ACRES, MORE OR LESS, AS SHOWN IN PLAT BOOK 16, PAGE 337. 3710 SW HWY 155 MAP AND PARCEL/BILL # 0800010018/438768 CURRENT RECORD HOLDER: PHELPS MICHELLE YVONNE DEFENDANT IN FI-FA: SIMPSON CHRISTOPHER SHANE ESTATE & PHELPS MICHELLE YVONNE AND ALL HEIRS KNOWN AND UNKNOWN TAX YEARS DUE: 2022-2024 DEED BOOK: 5698/39 LEGAL DESCRIPTION: ALL THAT TRACT OF LAND BEING IN LAND LOT 118, 11TH DISTRICT, IN ROCKDALE COUNTY, GEORGIA, BEING LOT 10, BLOCK E, OF BRANDYWINE SUBDIVISION, AS SHOWN IN PLAT BOOK N, PAGE 86. 3957 SE BRANDYWINE WAY MAP AND PARCEL/BILL # 0770010032/439279 CURRENT RECORD HOLDER: PILGRAM KJENEA DEFENDANT IN FI-FA: SAME AS CR(S) TAX YEARS DUE: 2024 DEED BOOK: 7373/7 LEGAL DESCRIPTION: ALL THAT TRACT OF LAND BEING IN LAND LOTS 116 AND 155, 11TH DISTRICT, IN ROCKDALE COUNTY, GEORGIA, BEING LOT 5, OF PLANTATION RIDGE ESTATES SUBDIVISION, AS SHOWN IN PLAT BOOK 41, PAGE 32. 1417 PICKETTS COURT SE MAP AND PARCEL/BILL # 0770010022/439299 CURRENT RECORD HOLDER: POULOVICH FOLOS THEODORIS K DEFENDANT IN FI-FA: SAME AS CR(S) TAX YEARS DUE: 2024 DEED BOOK: 5034/105 AND 5903/13 (PORTION) LEGAL DESCRIPTION: ALL THAT TRACT OF LAND BEING IN LAND LOT 276, 16TH DISTRICT, IN ROCKDALE COUNTY, GEORGIA, BEING LOT 29, OF DEAN RIDGE SUBDIVISION, AS SHOWN IN PLAT BOOK 25, PAGE 69. 1191 NW IRWIN BRIDGE ROAD MAP AND PARCEL/BILL # 0180060001/439323 CURRENT RECORD HOLDER: POULOKE FOLDS THEODORIS K & MURRAY AND NORTON LUCILLE COLLEGE KATHY W DEFENDANT IN FI-FA: SAME AS CR(S) TAX YEARS DUE: 2024 DEED BOOK: 4942/299 & 1940/299 LEGAL DESCRIPTION: ALL THAT TRACT OF LAND BEING IN THE 16TH DISTRICT, IN ROCKDALE COUNTY, GEORGIA. 1192 NW IRWIN BRIDGE ROAD MAP AND PARCEL/BILL # 0700010033/439324 CURRENT RECORD HOLDER: PREFERRED FUNDING INC DEFENDANT IN FI-FA: SAME AS CR(S) TAX YEARS DUE: 2024 DEED BOOK: 3659/69 LEGAL DESCRIPTION: ALL THAT TRACT OF LAND BEING IN LAND LOT 248, 11TH DISTRICT, IN ROCKDALE COUNTY, GEORGIA, BEING PART OF LOT 1, SECTION B, PHASE TWO, OF COVENTRY BUSINESS CENTER. 1051 SW BUSINESS CENTER DR MAP AND PARCEL/BILL # 0500010008/439527 CURRENT RECORD HOLDER: ROHNER ALEXIS DEFENDANT IN FI-FA: SAME AS CR(S) TAX YEARS DUE: 2024 DEED BOOK: 6463/29 LEGAL DESCRIPTION: ALL THAT TRACT OF LAND BEING IN LAND LOT 138, 11TH DISTRICT, IN ROCKDALE COUNTY, GEORGIA, AND CONSISTING OF 5.26 ACRES, MORE OR LESS, BEING LOT 8, OF DEWEY BURNS ESTATES, AS SHOWN IN PLAT BOOK 21, PAGE 19. 4039 SE HIGHWAY 20 MAP AND PARCEL/BILL # 0430010041/439629 CURRENT RECORD HOLDER: ROSEWOOD HEALTH CARE LLC DEFENDANT IN FI-FA: SAME AS CR(S) TAX YEARS DUE: 2024 DEED BOOK: 7416/93 LEGAL DESCRIPTION: ALL THAT TRACT OF LAND BEING IN LAND LOT 281, 16TH DISTRICT, IN ROCKDALE COUNTY, GEORGIA, AND CONSISTING OF 14 ACRES, MORE OR LESS, AS SHOWN IN PLAT BOOK 26, PAGE 492. 1315 NE MILSTEAD AVE MAP AND PARCEL/BILL # 0790010033/439637 CURRENT RECORD HOLDER: RUCHEL & TRUSTEE FOR THE GIBRALTER LAND TRUST DEFENDANT IN FI-FA: SAME AS CR(S) TAX YEARS DUE: 2024 DEED BOOK: 6943/155 LEGAL DESCRIPTION: ALL THAT TRACT OF LAND BEING IN LAND LOT 291, 16TH DISTRICT, IN ROCKDALE COUNTY, GEORGIA, BEING LOT 3, BLOCK H, OF LAKE CAPRI ESTATES SUBDIVISION, AS SHOWN IN PLAT BOOK C, PAGE 15. 1220 NW GIBRALTER WAY MAP AND PARCEL/BILL # 0230010003/439640 CURRENT RECORD HOLDER: RUCHEL & THE TRUSTEE FOR THE BROOKVIEW LAND TRUST DEFENDANT IN FI-FA: SAME AS CR(S) TAX YEARS DUE: 2024 DEED BOOK: 7265/11 LEGAL DESCRIPTION: ALL THAT TRACT OF LAND BEING IN LAND LOT 157, 16TH DISTRICT, IN ROCKDALE COUNTY, GEORGIA, BEING LOT 6, BLOCK D, OF BUCHANAN ESTATES SUBDIVISION. 2145 NE BROOKVIEW DR MAP AND PARCEL/BILL # 0560010118/439644 CURRENT RECORD HOLDER: RUDE DARIN DEFENDANT IN FI-FA: SAME AS CR(S) TAX YEARS DUE: 2024 DEED BOOK: 7285/2000 LEGAL DESCRIPTION: ALL THAT TRACT OF LAND BEING IN LAND LOT 9 AND 16, 16TH DISTRICT, IN ROCKDALE COUNTY, GEORGIA, AND CONSISTING OF 15.48 ACRES, MORE OR LESS, AS SHOWN IN PLAT BOOK 46, PAGE 203. 1803 SE GRANITE DRIVE MAP AND PARCEL/BILL # 0470030008/439667 CURRENT RECORD HOLDER: RABE
9077	Tax Notice
SARAH DEFENDANT IN FI-FA: SAME AS CR(S) TAX YEARS DUE: 2024 DEED BOOK: 5879/90 LEGAL DESCRIPTION: ALL THAT TRACT OF LAND BEING IN LAND LOT 178, 10TH DISTRICT, IN ROCKDALE COUNTY, GEORGIA, AND CONSISTING OF 22 ACRES, MORE OR LESS, BEING LOT 19, BLOCK F, UNIT 2, OF LAKERIDGE ESTATES SUBDIVISION, AS SHOWN IN PLAT BOOK 12, PAGE 125. 593 SE LAKERIDGE CIR MAP AND PARCEL/BILL # 0680020014/433766 CURRENT RECORD HOLDER: RAMEY FRANKLIN DEFENDANT IN FI-FA: SAME AS CR(S) TAX YEARS DUE: 2024 DEED BOOK: 6513/43 LEGAL DESCRIPTION: ALL THAT TRACT OF LAND BEING IN LAND LOT 214, 16TH DISTRICT, IN ROCKDALE COUNTY, GEORGIA, BEING LOT 16, BLOCK 2, OF CALLAWAY COMMUNITY FOUNDATION SUBDIVISION, AS SHOWN IN DEED BOOK 5, PAGE 379. 1744 NE RIVER ST MAP AND PARCEL/BILL # 0380010034/437285 CURRENT RECORD HOLDER: RANDOLPH LAINA & EDUARDO SALINAS BRUNO DEFENDANT IN FI-FA: SAME AS CR(S) TAX YEARS DUE: 2024 DEED BOOK: 7553/69 LEGAL DESCRIPTION: ALL THAT TRACT OF LAND BEING IN LAND LOT 148, 16TH DISTRICT, IN ROCKDALE COUNTY, GEORGIA, AND CONSISTING OF 0.69 ACRES, MORE OR LESS, BEING LOT 2, AS SHOWN IN PLAT BOOK N, PAGE 180. 1116 NW SOUTH LAKESHORE DR MAP AND PARCEL/BILL # 0890040097/439667 CURRENT RECORD HOLDER: REDDICK RICHARD ERIC EVA TAX DEED AND WETTERAL RICHARD F ALL HEIRS KNOWN AND UNKNOWN DEFENDANT IN FI-FA: SAME AS CR(S) TAX YEARS DUE: 2023-2024 DEED BOOK: 1606/279 AND 831/64 LEGAL DESCRIPTION: ALL THAT TRACT OF LAND BEING IN LAND LOT 271, 16TH DISTRICT, IN ROCKDALE COUNTY, GEORGIA. 2549 NW WALTON DR MAP AND PARCEL/BILL # 0430010003/440404 CURRENT RECORD HOLDER: ROCK COMMUNITIES & DEVELOPMENT LLC DEFENDANT IN FI-FA: SAME AS CR(S) TAX YEARS DUE: 2024 DEED BOOK: 7465/13 LEGAL DESCRIPTION: ALL THAT TRACT OF LAND BEING IN LAND LOT 170, 11TH DISTRICT, IN ROCKDALE COUNTY, GEORGIA, BEING LOT 17, BLOCK B, OF KINGS MOUNTAIN SUBDIVISION, AS SHOWN IN PLAT BOOK 30, PAGE 170. 3716 SE KINGS MOUNTAIN DR MAP AND PARCEL/BILL # 0430010005/440405 CURRENT RECORD HOLDER: ROCK CITY CYCLES LLC DEFENDANT IN FI-FA: SAME AS CR(S) TAX YEARS DUE: 2024 DEED BOOK: 7370/287 LEGAL DESCRIPTION: ALL THAT TRACT OF LAND BEING IN LAND LOTS 28 AND 37, 11TH DISTRICT, IN ROCKDALE COUNTY, GEORGIA, AND CONSISTING OF 0.86 ACRES, MORE OR LESS. 1214 SW MCDANIEL MILL ROAD MAP AND PARCEL/BILL # 0890010011/440601 CURRENT RECORD HOLDER: ROJAS GUERRA JORGE & ROJAS ADAN & PEREZ JAVIER DEFENDANT IN FI-FA: SAME AS CR(S) TAX YEARS DUE: 2024 DEED BOOK: 3970/27 LEGAL DESCRIPTION: ALL THAT TRACT OF LAND BEING IN LAND LOT 323, 10TH DISTRICT, IN ROCKDALE COUNTY, GEORGIA, BEING LOT 11, BLOCK B, UNIT 2, OF FIELDSTONE VIEW SUBDIVISION. 2311 SE BUEHLER DR MAP AND PARCEL/BILL # 0790060004/440406 CURRENT RECORD HOLDER: FORD CHURCH IN THE LORD JESUS CHRIST INC DEFENDANT IN FI-FA: SAME AS CR(S) TAX YEARS DUE: 2024 DEED BOOK: 7253/157 LEGAL DESCRIPTION: ALL THAT TRACT OF LAND BEING IN LAND LOT 278, 11TH DISTRICT, IN ROCKDALE COUNTY, GEORGIA, BEING LOT A, SECTION 1, BLOCK C, OF SALEM WOODS SUBDIVISION, AS SHOWN IN PLAT BOOK 23, PAGE 98. 3060 SE SALEM MILL TRAIL MAP AND PARCEL/BILL # 0450010032/440408 CURRENT RECORD HOLDER: ROSE SERVICES INC DEFENDANT IN FI-FA: SAME AS CR(S) TAX YEARS DUE: 2024 DEED BOOK: 5914/57 LEGAL DESCRIPTION: ALL THAT TRACT OF LAND BEING IN LAND LOT 174, 10TH DISTRICT, IN ROCKDALE COUNTY, GEORGIA. 4885 SE HIGHWAY 20 MAP AND PARCEL/BILL # 0300000001/440413 CURRENT RECORD HOLDER: RUSSELL MACHINE INC DEFENDANT IN FI-FA: SAME AS CR(S) TAX YEARS DUE: 2024 DEED BOOK: 4788/57 LEGAL DESCRIPTION: ALL THAT TRACT OF LAND BEING IN LAND LOT 284, 16TH DISTRICT, IN ROCKDALE COUNTY, GEORGIA. 910 SE MALCOLM ST MAP AND PARCEL/BILL # 0880040001/440418 CURRENT RECORD HOLDER: SAENZ GLORIA DEFENDANT IN FI-FA: SAME AS CR(S) TAX YEARS DUE: 2024 DEED BOOK: 4908/17 LEGAL DESCRIPTION: ALL THAT TRACT OF LAND BEING IN LAND LOT 300, 16TH DISTRICT, IN ROCKDALE COUNTY, GEORGIA, AND CONSISTING OF 1.03 ACRES, MORE OR LESS, BEING LOT 60, OF NORTHRIDGE SUBDIVISION, AS SHOWN IN PLAT BOOK 16, PAGE 92. 1932 NE LAKESHORE DR
